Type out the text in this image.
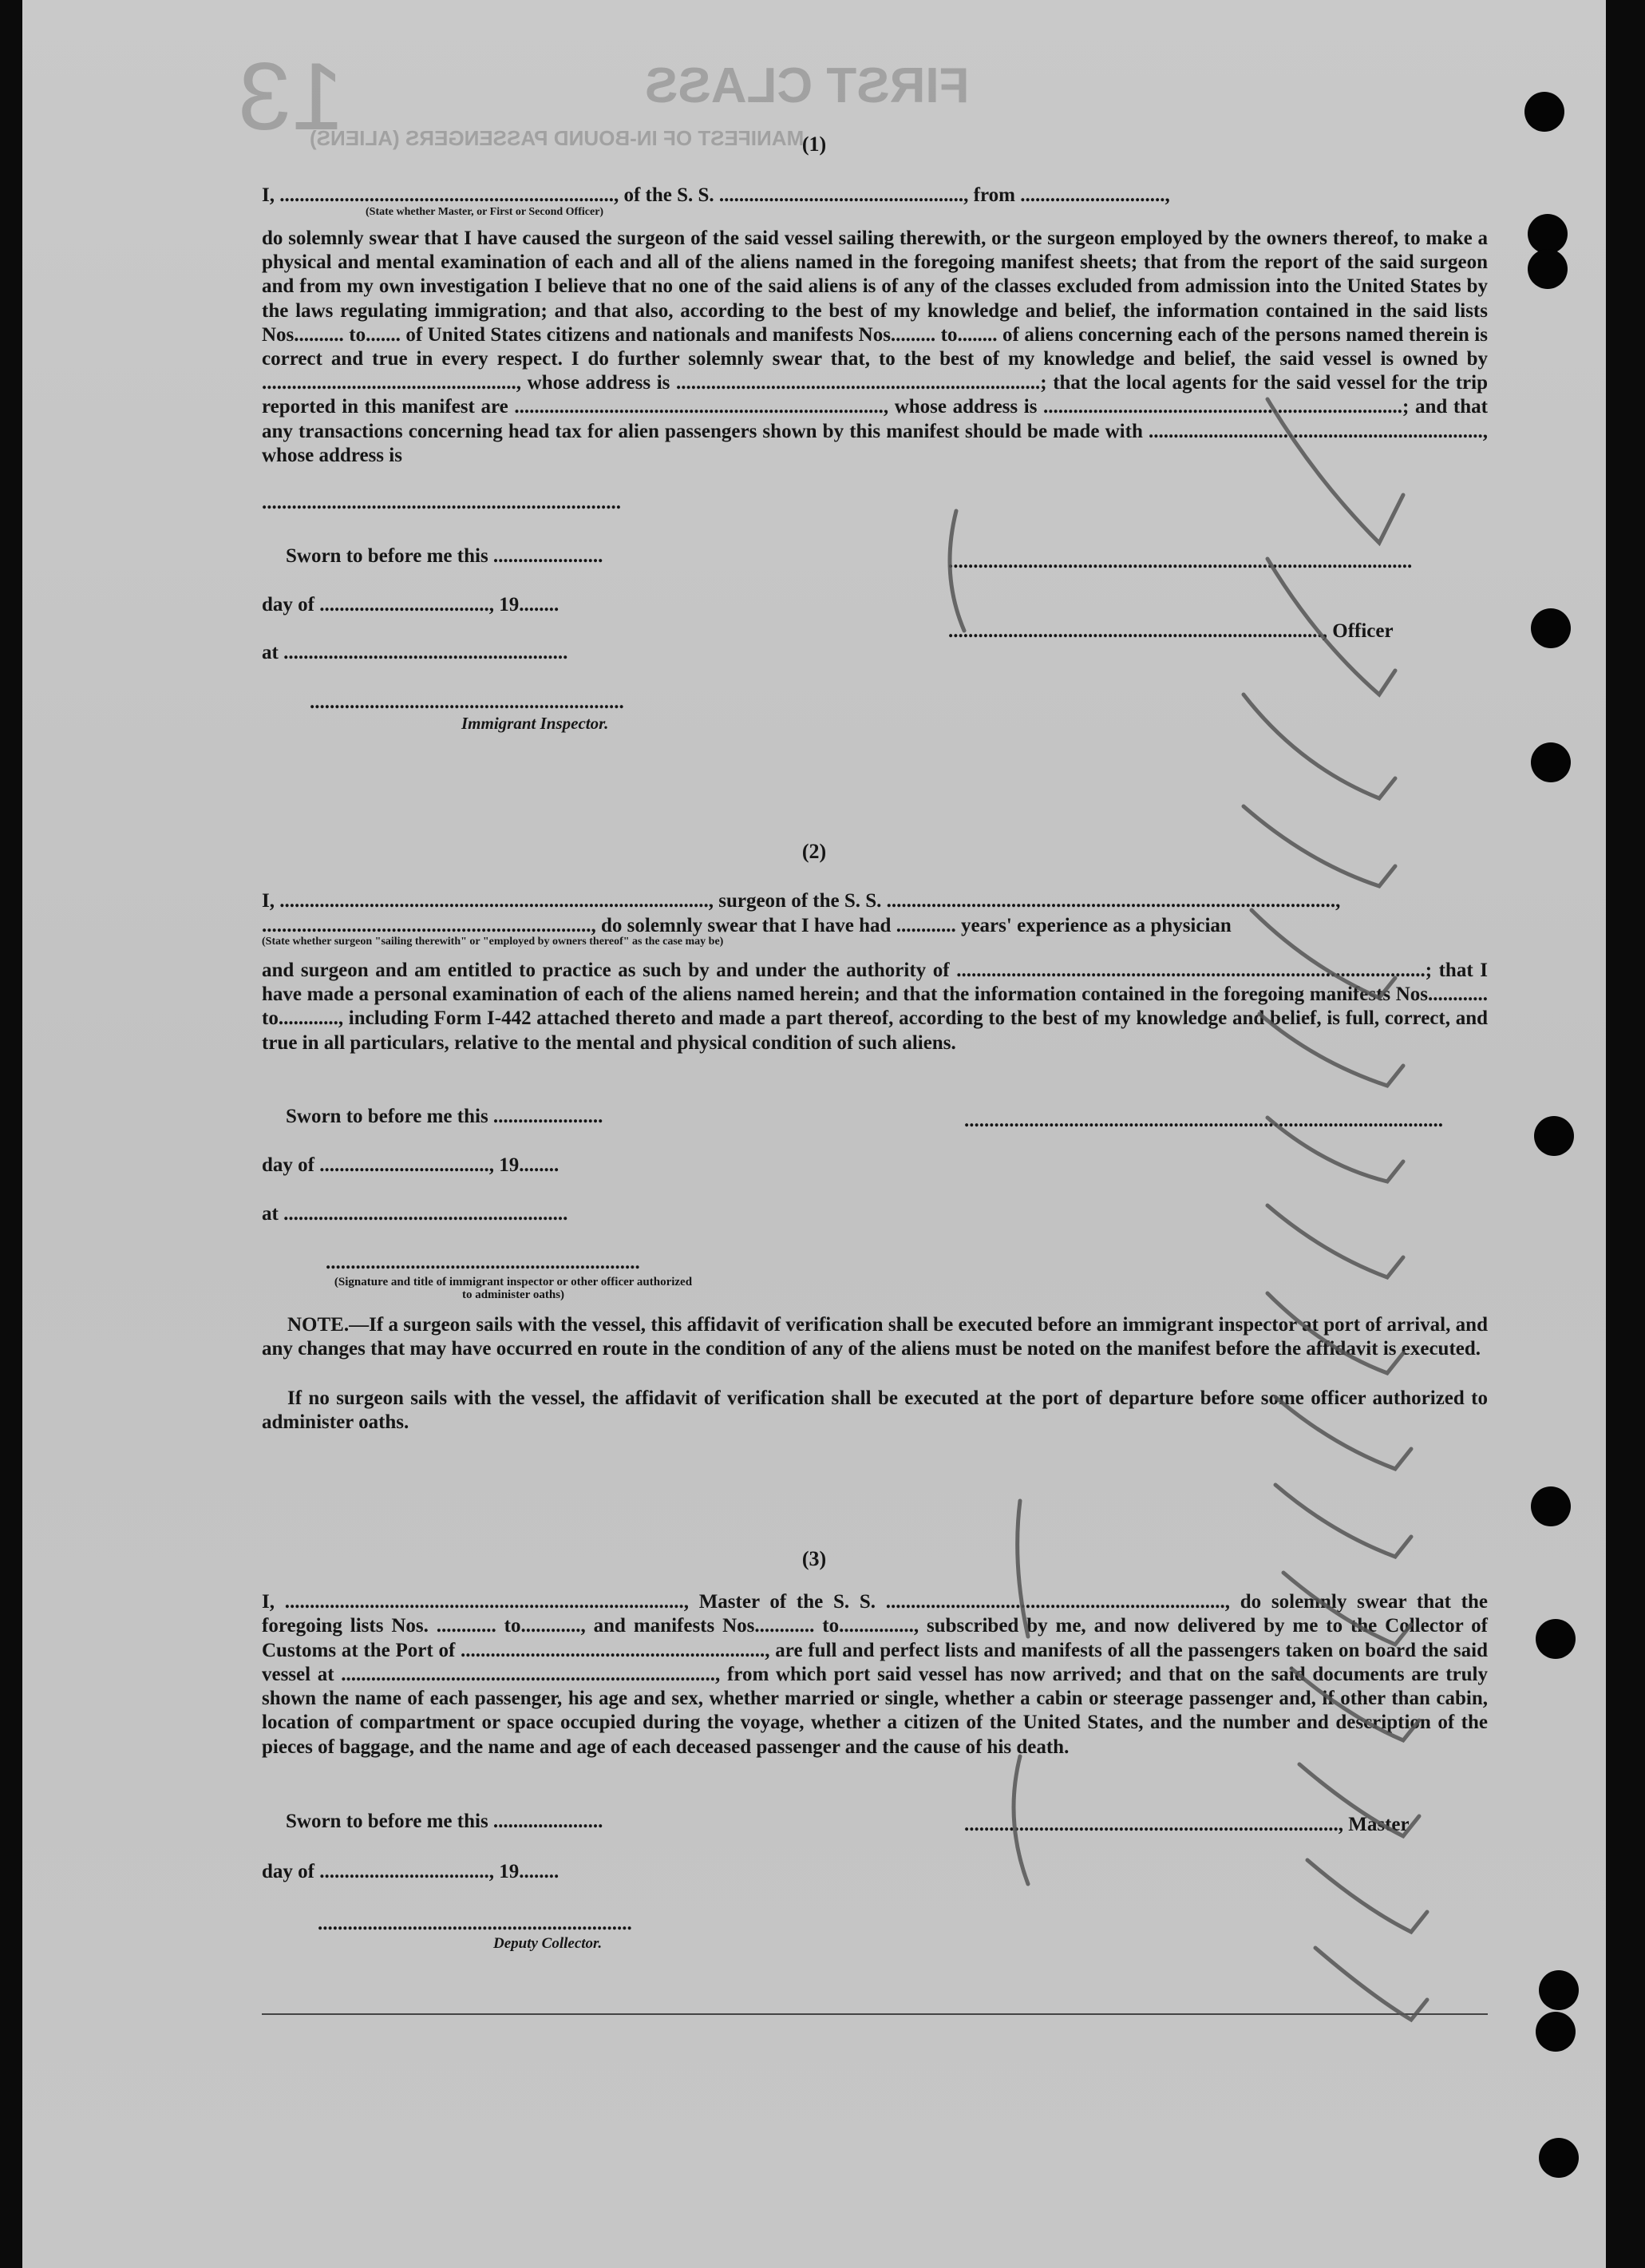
FIRST CLASS
MANIFEST OF IN-BOUND PASSENGERS (ALIENS)
13	(1)
I, ..................................................................., of the S. S. ................................................., from .............................,
(State whether Master, or First or Second Officer)
do solemnly swear that I have caused the surgeon of the said vessel sailing therewith, or the surgeon employed by the owners thereof, to make a physical and mental examination of each and all of the aliens named in the foregoing manifest sheets; that from the report of the said surgeon and from my own investigation I believe that no one of the said aliens is of any of the classes excluded from admission into the United States by the laws regulating immigration; and that also, according to the best of my knowledge and belief, the information contained in the said lists Nos.......... to....... of United States citizens and nationals and manifests Nos......... to........ of aliens concerning each of the persons named therein is correct and true in every respect. I do further solemnly swear that, to the best of my knowledge and belief, the said vessel is owned by ..................................................., whose address is .........................................................................; that the local agents for the said vessel for the trip reported in this manifest are .........................................................................., whose address is ........................................................................; and that any transactions concerning head tax for alien passengers shown by this manifest should be made with ..................................................................., whose address is
........................................................................
Sworn to before me this ......................
day of .................................., 19........
at .........................................................
...............................................................
Immigrant Inspector.
.............................................................................................
..........................................................................., Officer
(2)
I, ......................................................................................, surgeon of the S. S. ..........................................................................................,
.................................................................., do solemnly swear that I have had ............ years' experience as a physician
(State whether surgeon "sailing therewith" or "employed by owners thereof" as the case may be)
and surgeon and am entitled to practice as such by and under the authority of ..............................................................................................; that I have made a personal examination of each of the aliens named herein; and that the information contained in the foregoing manifests Nos............ to............, including Form I-442 attached thereto and made a part thereof, according to the best of my knowledge and belief, is full, correct, and true in all particulars, relative to the mental and physical condition of such aliens.
Sworn to before me this ......................
day of .................................., 19........
at .........................................................
................................................................................................
...............................................................
(Signature and title of immigrant inspector or other officer authorized to administer oaths)
NOTE.—If a surgeon sails with the vessel, this affidavit of verification shall be executed before an immigrant inspector at port of arrival, and any changes that may have occurred en route in the condition of any of the aliens must be noted on the manifest before the affidavit is executed.
If no surgeon sails with the vessel, the affidavit of verification shall be executed at the port of departure before some officer authorized to administer oaths.
(3)
I, ................................................................................, Master of the S. S. ...................................................................., do solemnly swear that the foregoing lists Nos. ............ to............, and manifests Nos............ to..............., subscribed by me, and now delivered by me to the Collector of Customs at the Port of ............................................................., are full and perfect lists and manifests of all the passengers taken on board the said vessel at ..........................................................................., from which port said vessel has now arrived; and that on the said documents are truly shown the name of each passenger, his age and sex, whether married or single, whether a cabin or steerage passenger and, if other than cabin, location of compartment or space occupied during the voyage, whether a citizen of the United States, and the number and description of the pieces of baggage, and the name and age of each deceased passenger and the cause of his death.
Sworn to before me this ......................
day of .................................., 19........
..........................................................................., Master
...............................................................
Deputy Collector.
